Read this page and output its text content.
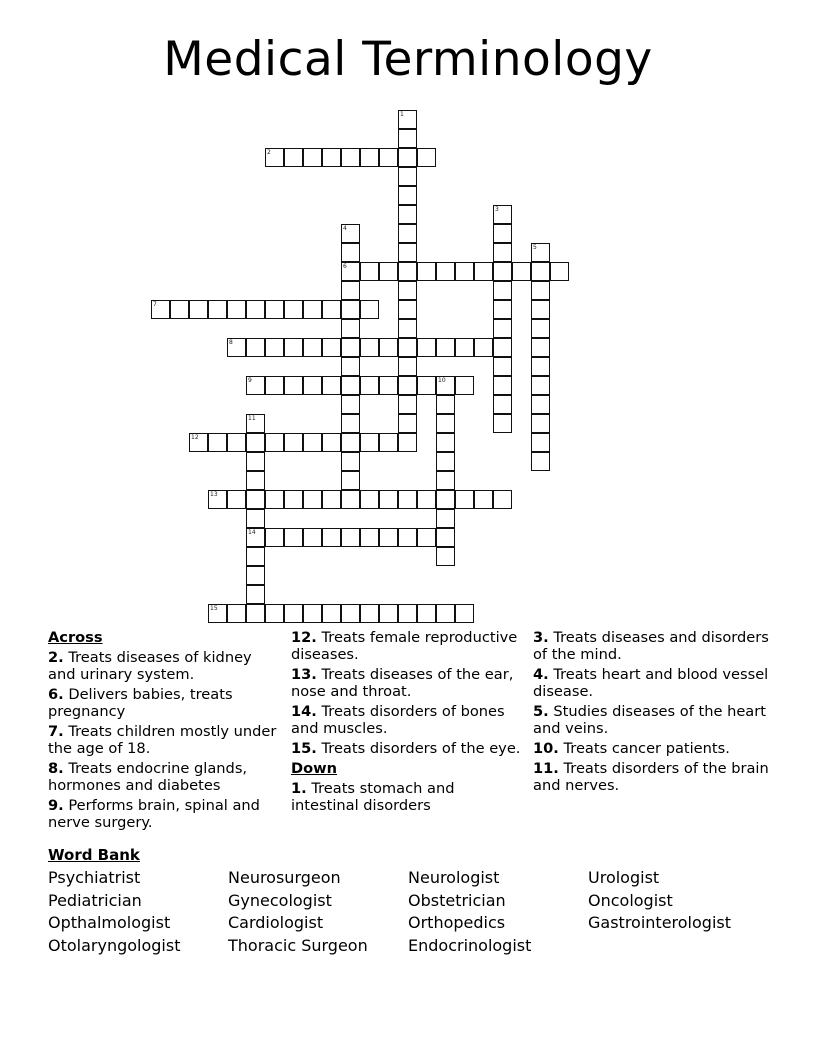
Medical Terminology
1
2
3
4
6
5
7
8
9	10
11
14
12
13
15
Across
2. Treats diseases of kidney and urinary system.
6. Delivers babies, treats pregnancy
7. Treats children mostly under the age of 18.
8. Treats endocrine glands, hormones and diabetes
9. Performs brain, spinal and nerve surgery.
12. Treats female reproductive diseases.
13. Treats diseases of the ear, nose and throat.
14. Treats disorders of bones and muscles.
15. Treats disorders of the eye.
Down
1. Treats stomach and intestinal disorders
3. Treats diseases and disorders of the mind.
4. Treats heart and blood vessel disease.
5. Studies diseases of the heart and veins.
10. Treats cancer patients.
11. Treats disorders of the brain and nerves.
Word Bank
Psychiatrist
Pediatrician
Opthalmologist
Otolaryngologist
Neurosurgeon
Gynecologist
Cardiologist
Thoracic Surgeon
Neurologist
Obstetrician
Orthopedics
Endocrinologist
Urologist
Oncologist
Gastrointerologist
